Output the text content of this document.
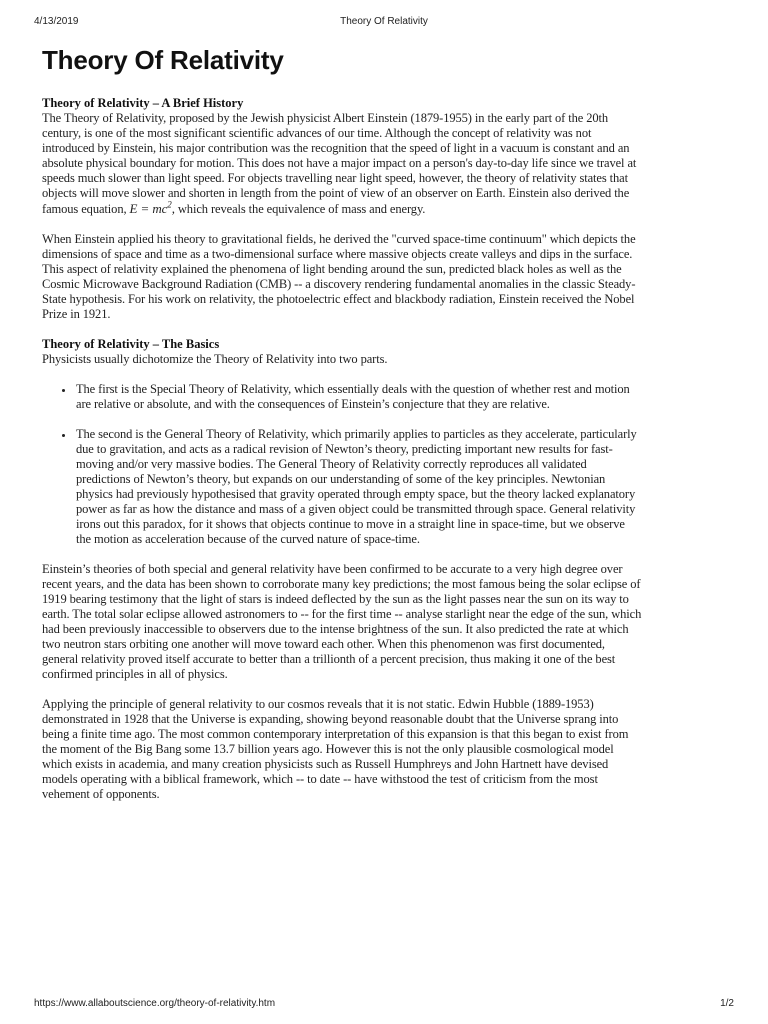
4/13/2019	Theory Of Relativity
Theory Of Relativity
Theory of Relativity – A Brief History

The Theory of Relativity, proposed by the Jewish physicist Albert Einstein (1879-1955) in the early part of the 20th century, is one of the most significant scientific advances of our time. Although the concept of relativity was not introduced by Einstein, his major contribution was the recognition that the speed of light in a vacuum is constant and an absolute physical boundary for motion. This does not have a major impact on a person's day-to-day life since we travel at speeds much slower than light speed. For objects travelling near light speed, however, the theory of relativity states that objects will move slower and shorten in length from the point of view of an observer on Earth. Einstein also derived the famous equation, $E = mc^2$, which reveals the equivalence of mass and energy.

When Einstein applied his theory to gravitational fields, he derived the "curved space-time continuum" which depicts the dimensions of space and time as a two-dimensional surface where massive objects create valleys and dips in the surface. This aspect of relativity explained the phenomena of light bending around the sun, predicted black holes as well as the Cosmic Microwave Background Radiation (CMB) -- a discovery rendering fundamental anomalies in the classic Steady-State hypothesis. For his work on relativity, the photoelectric effect and blackbody radiation, Einstein received the Nobel Prize in 1921.

Theory of Relativity – The Basics

Physicists usually dichotomize the Theory of Relativity into two parts.

• The first is the Special Theory of Relativity, which essentially deals with the question of whether rest and motion are relative or absolute, and with the consequences of Einstein’s conjecture that they are relative.
• The second is the General Theory of Relativity, which primarily applies to particles as they accelerate, particularly due to gravitation, and acts as a radical revision of Newton’s theory, predicting important new results for fast-moving and/or very massive bodies. The General Theory of Relativity correctly reproduces all validated predictions of Newton’s theory, but expands on our understanding of some of the key principles. Newtonian physics had previously hypothesised that gravity operated through empty space, but the theory lacked explanatory power as far as how the distance and mass of a given object could be transmitted through space. General relativity irons out this paradox, for it shows that objects continue to move in a straight line in space-time, but we observe the motion as acceleration because of the curved nature of space-time.

Einstein’s theories of both special and general relativity have been confirmed to be accurate to a very high degree over recent years, and the data has been shown to corroborate many key predictions; the most famous being the solar eclipse of 1919 bearing testimony that the light of stars is indeed deflected by the sun as the light passes near the sun on its way to earth. The total solar eclipse allowed astronomers to -- for the first time -- analyse starlight near the edge of the sun, which had been previously inaccessible to observers due to the intense brightness of the sun. It also predicted the rate at which two neutron stars orbiting one another will move toward each other. When this phenomenon was first documented, general relativity proved itself accurate to better than a trillionth of a percent precision, thus making it one of the best confirmed principles in all of physics.

Applying the principle of general relativity to our cosmos reveals that it is not static. Edwin Hubble (1889-1953) demonstrated in 1928 that the Universe is expanding, showing beyond reasonable doubt that the Universe sprang into being a finite time ago. The most common contemporary interpretation of this expansion is that this began to exist from the moment of the Big Bang some 13.7 billion years ago. However this is not the only plausible cosmological model which exists in academia, and many creation physicists such as Russell Humphreys and John Hartnett have devised models operating with a biblical framework, which -- to date -- have withstood the test of criticism from the most vehement of opponents.

https://www.allaboutscience.org/theory-of-relativity.htm	1/2
